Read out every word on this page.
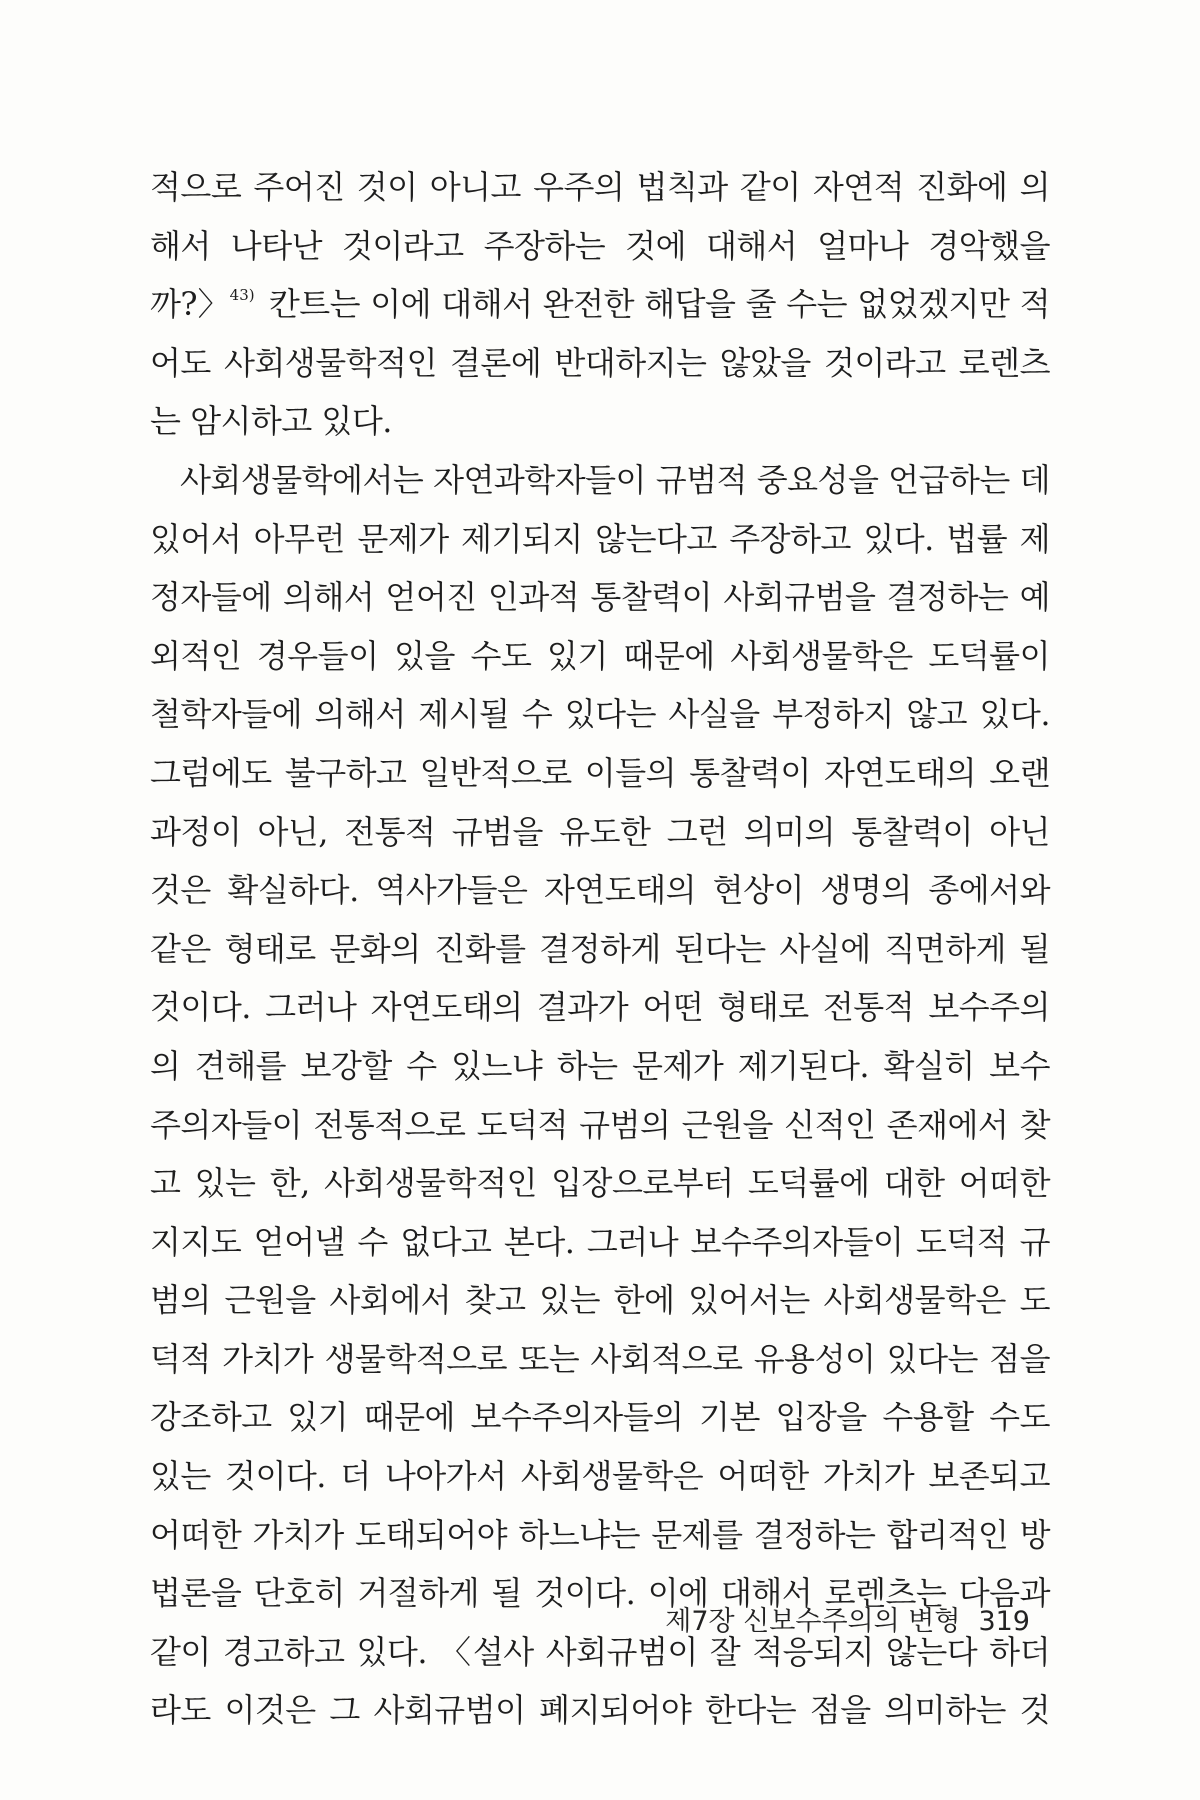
적으로 주어진 것이 아니고 우주의 법칙과 같이 자연적 진화에 의
해서 나타난 것이라고 주장하는 것에 대해서 얼마나 경악했을
까?〉$^{43)}$ 칸트는 이에 대해서 완전한 해답을 줄 수는 없었겠지만 적
어도 사회생물학적인 결론에 반대하지는 않았을 것이라고 로렌츠
는 암시하고 있다.
사회생물학에서는 자연과학자들이 규범적 중요성을 언급하는 데
있어서 아무런 문제가 제기되지 않는다고 주장하고 있다. 법률 제
정자들에 의해서 얻어진 인과적 통찰력이 사회규범을 결정하는 예
외적인 경우들이 있을 수도 있기 때문에 사회생물학은 도덕률이
철학자들에 의해서 제시될 수 있다는 사실을 부정하지 않고 있다.
그럼에도 불구하고 일반적으로 이들의 통찰력이 자연도태의 오랜
과정이 아닌, 전통적 규범을 유도한 그런 의미의 통찰력이 아닌
것은 확실하다. 역사가들은 자연도태의 현상이 생명의 종에서와
같은 형태로 문화의 진화를 결정하게 된다는 사실에 직면하게 될
것이다. 그러나 자연도태의 결과가 어떤 형태로 전통적 보수주의
의 견해를 보강할 수 있느냐 하는 문제가 제기된다. 확실히 보수
주의자들이 전통적으로 도덕적 규범의 근원을 신적인 존재에서 찾
고 있는 한, 사회생물학적인 입장으로부터 도덕률에 대한 어떠한
지지도 얻어낼 수 없다고 본다. 그러나 보수주의자들이 도덕적 규
범의 근원을 사회에서 찾고 있는 한에 있어서는 사회생물학은 도
덕적 가치가 생물학적으로 또는 사회적으로 유용성이 있다는 점을
강조하고 있기 때문에 보수주의자들의 기본 입장을 수용할 수도
있는 것이다. 더 나아가서 사회생물학은 어떠한 가치가 보존되고
어떠한 가치가 도태되어야 하느냐는 문제를 결정하는 합리적인 방
법론을 단호히 거절하게 될 것이다. 이에 대해서 로렌츠는 다음과
같이 경고하고 있다. 〈설사 사회규범이 잘 적응되지 않는다 하더
라도 이것은 그 사회규범이 폐지되어야 한다는 점을 의미하는 것
제7장 신보수주의의 변형 319
